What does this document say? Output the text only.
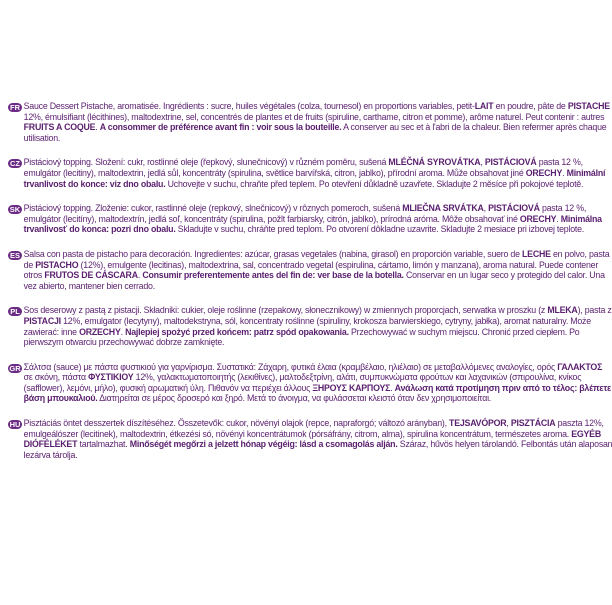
FR Sauce Dessert Pistache, aromatisée. Ingrédients : sucre, huiles végétales (colza, tournesol) en proportions variables, petit-LAIT en poudre, pâte de PISTACHE 12%, émulsifiant (lécithines), maltodextrine, sel, concentrés de plantes et de fruits (spiruline, carthame, citron et pomme), arôme naturel. Peut contenir : autres FRUITS A COQUE. A consommer de préférence avant fin : voir sous la bouteille. A conserver au sec et à l'abri de la chaleur. Bien refermer après chaque utilisation.

CZ Pistáciový topping. Složení: cukr, rostlinné oleje (řepkový, slunečnicový) v různém poměru, sušená MLÉČNÁ SYROVÁTKA, PISTÁCIOVÁ pasta 12 %, emulgátor (lecitiny), maltodextrin, jedlá sůl, koncentráty (spirulina, světlice barvířská, citron, jablko), přírodní aroma. Může obsahovat jiné ORECHY. Minimální trvanlivost do konce: viz dno obalu. Uchovejte v suchu, chraňte před teplem. Po otevření důkladně uzavřete. Skladujte 2 měsíce při pokojové teplotě.

SK Pistáciový topping. Zloženie: cukor, rastlinné oleje (repkový, slnečnicový) v rôznych pomeroch, sušená MLIEČNA SRVÁTKA, PISTÁCIOVÁ pasta 12 %, emulgátor (lecitíny), maltodextrín, jedlá soľ, koncentráty (spirulina, požlt farbiarsky, citrón, jablko), prírodná aróma. Môže obsahovať iné ORECHY. Minimálna trvanlivosť do konca: pozri dno obalu. Skladujte v suchu, chráňte pred teplom. Po otvorení dôkladne uzavrite. Skladujte 2 mesiace pri izbovej teplote.

ES Salsa con pasta de pistacho para decoración. Ingredientes: azúcar, grasas vegetales (nabina, girasol) en proporción variable, suero de LECHE en polvo, pasta de PISTACHO (12%), emulgente (lecitinas), maltodextrina, sal, concentrado vegetal (espirulina, cártamo, limón y manzana), aroma natural. Puede contener otros FRUTOS DE CÁSCARA. Consumir preferentemente antes del fin de: ver base de la botella. Conservar en un lugar seco y protegido del calor. Una vez abierto, mantener bien cerrado.

PL Sos deserowy z pastą z pistacji. Składniki: cukier, oleje roślinne (rzepakowy, słonecznikowy) w zmiennych proporcjach, serwatka w proszku (z MLEKA), pasta z PISTACJI 12%, emulgator (lecytyny), maltodekstryna, sól, koncentraty roślinne (spiruliny, krokosza barwierskiego, cytryny, jabłka), aromat naturalny. Może zawierać: inne ORZECHY. Najlepiej spożyć przed końcem: patrz spód opakowania. Przechowywać w suchym miejscu. Chronić przed ciepłem. Po pierwszym otwarciu przechowywać dobrze zamknięte.

GR Σάλτσα (sauce) με πάστα φυστικιού για γαρνίρισμα. Συστατικά: Ζάχαρη, φυτικά έλαια (κραμβέλαιο, ηλιέλαιο) σε μεταβαλλόμενες αναλογίες, ορός ΓΑΛΑΚΤΟΣ σε σκόνη, πάστα ΦΥΣΤΙΚΙΟΥ 12%, γαλακτωματοποιητής (λεκιθίνες), μαλτοδεξτρίνη, αλάτι, συμπυκνώματα φρούτων και λαχανικών (σπιρουλίνα, κνίκος (safflower), λεμόνι, μήλο), φυσική αρωματική ύλη. Πιθανόν να περιέχει άλλους ΞΗΡΟΥΣ ΚΑΡΠΟΥΣ. Ανάλωση κατά προτίμηση πριν από το τέλος: βλέπετε βάση μπουκαλιού. Διατηρείται σε μέρος δροσερό και ξηρό. Μετά το άνοιγμα, να φυλάσσεται κλειστό όταν δεν χρησιμοποιείται.

HU Pisztáciás öntet desszertek díszítéséhez. Összetevők: cukor, növényi olajok (repce, napraforgó; változó arányban), TEJSAVÓPOR, PISZTÁCIA paszta 12%, emulgeálószer (lecitinek), maltodextrin, étkezési só, növényi koncentrátumok (pórsáfrány, citrom, alma), spirulina koncentrátum, természetes aroma. EGYÉB DIÓFÉLÉKET tartalmazhat. Minőségét megőrzi a jelzett hónap végéig: lásd a csomagolás alján. Száraz, hűvös helyen tárolandó. Felbontás után alaposan lezárva tárolja.
